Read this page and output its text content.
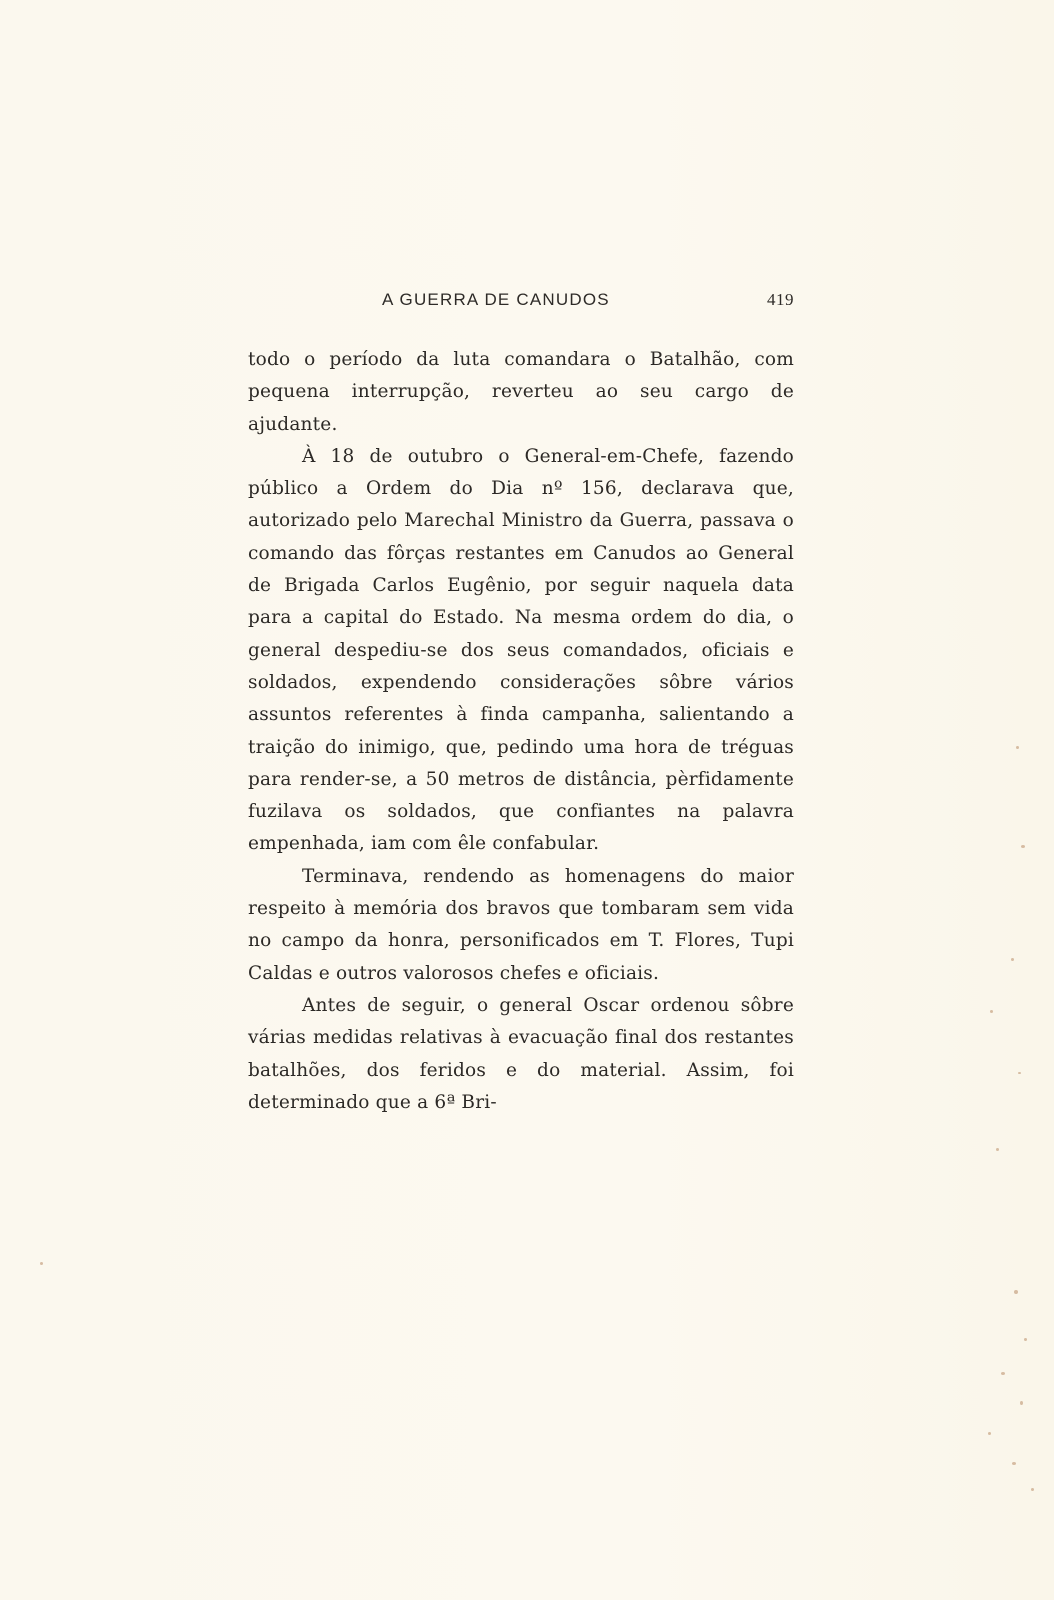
A GUERRA DE CANUDOS	419

todo o período da luta comandara o Batalhão, com pequena interrupção, reverteu ao seu cargo de ajudante.

À 18 de outubro o General-em-Chefe, fazendo público a Ordem do Dia nº 156, declarava que, autorizado pelo Marechal Ministro da Guerra, passava o comando das fôrças restantes em Canudos ao General de Brigada Carlos Eugênio, por seguir naquela data para a capital do Estado. Na mesma ordem do dia, o general despediu-se dos seus comandados, oficiais e soldados, expendendo considerações sôbre vários assuntos referentes à finda campanha, salientando a traição do inimigo, que, pedindo uma hora de tréguas para render-se, a 50 metros de distância, pèrfidamente fuzilava os soldados, que confiantes na palavra empenhada, iam com êle confabular.

Terminava, rendendo as homenagens do maior respeito à memória dos bravos que tombaram sem vida no campo da honra, personificados em T. Flores, Tupi Caldas e outros valorosos chefes e oficiais.

Antes de seguir, o general Oscar ordenou sôbre várias medidas relativas à evacuação final dos restantes batalhões, dos feridos e do material. Assim, foi determinado que a 6ª Bri-
